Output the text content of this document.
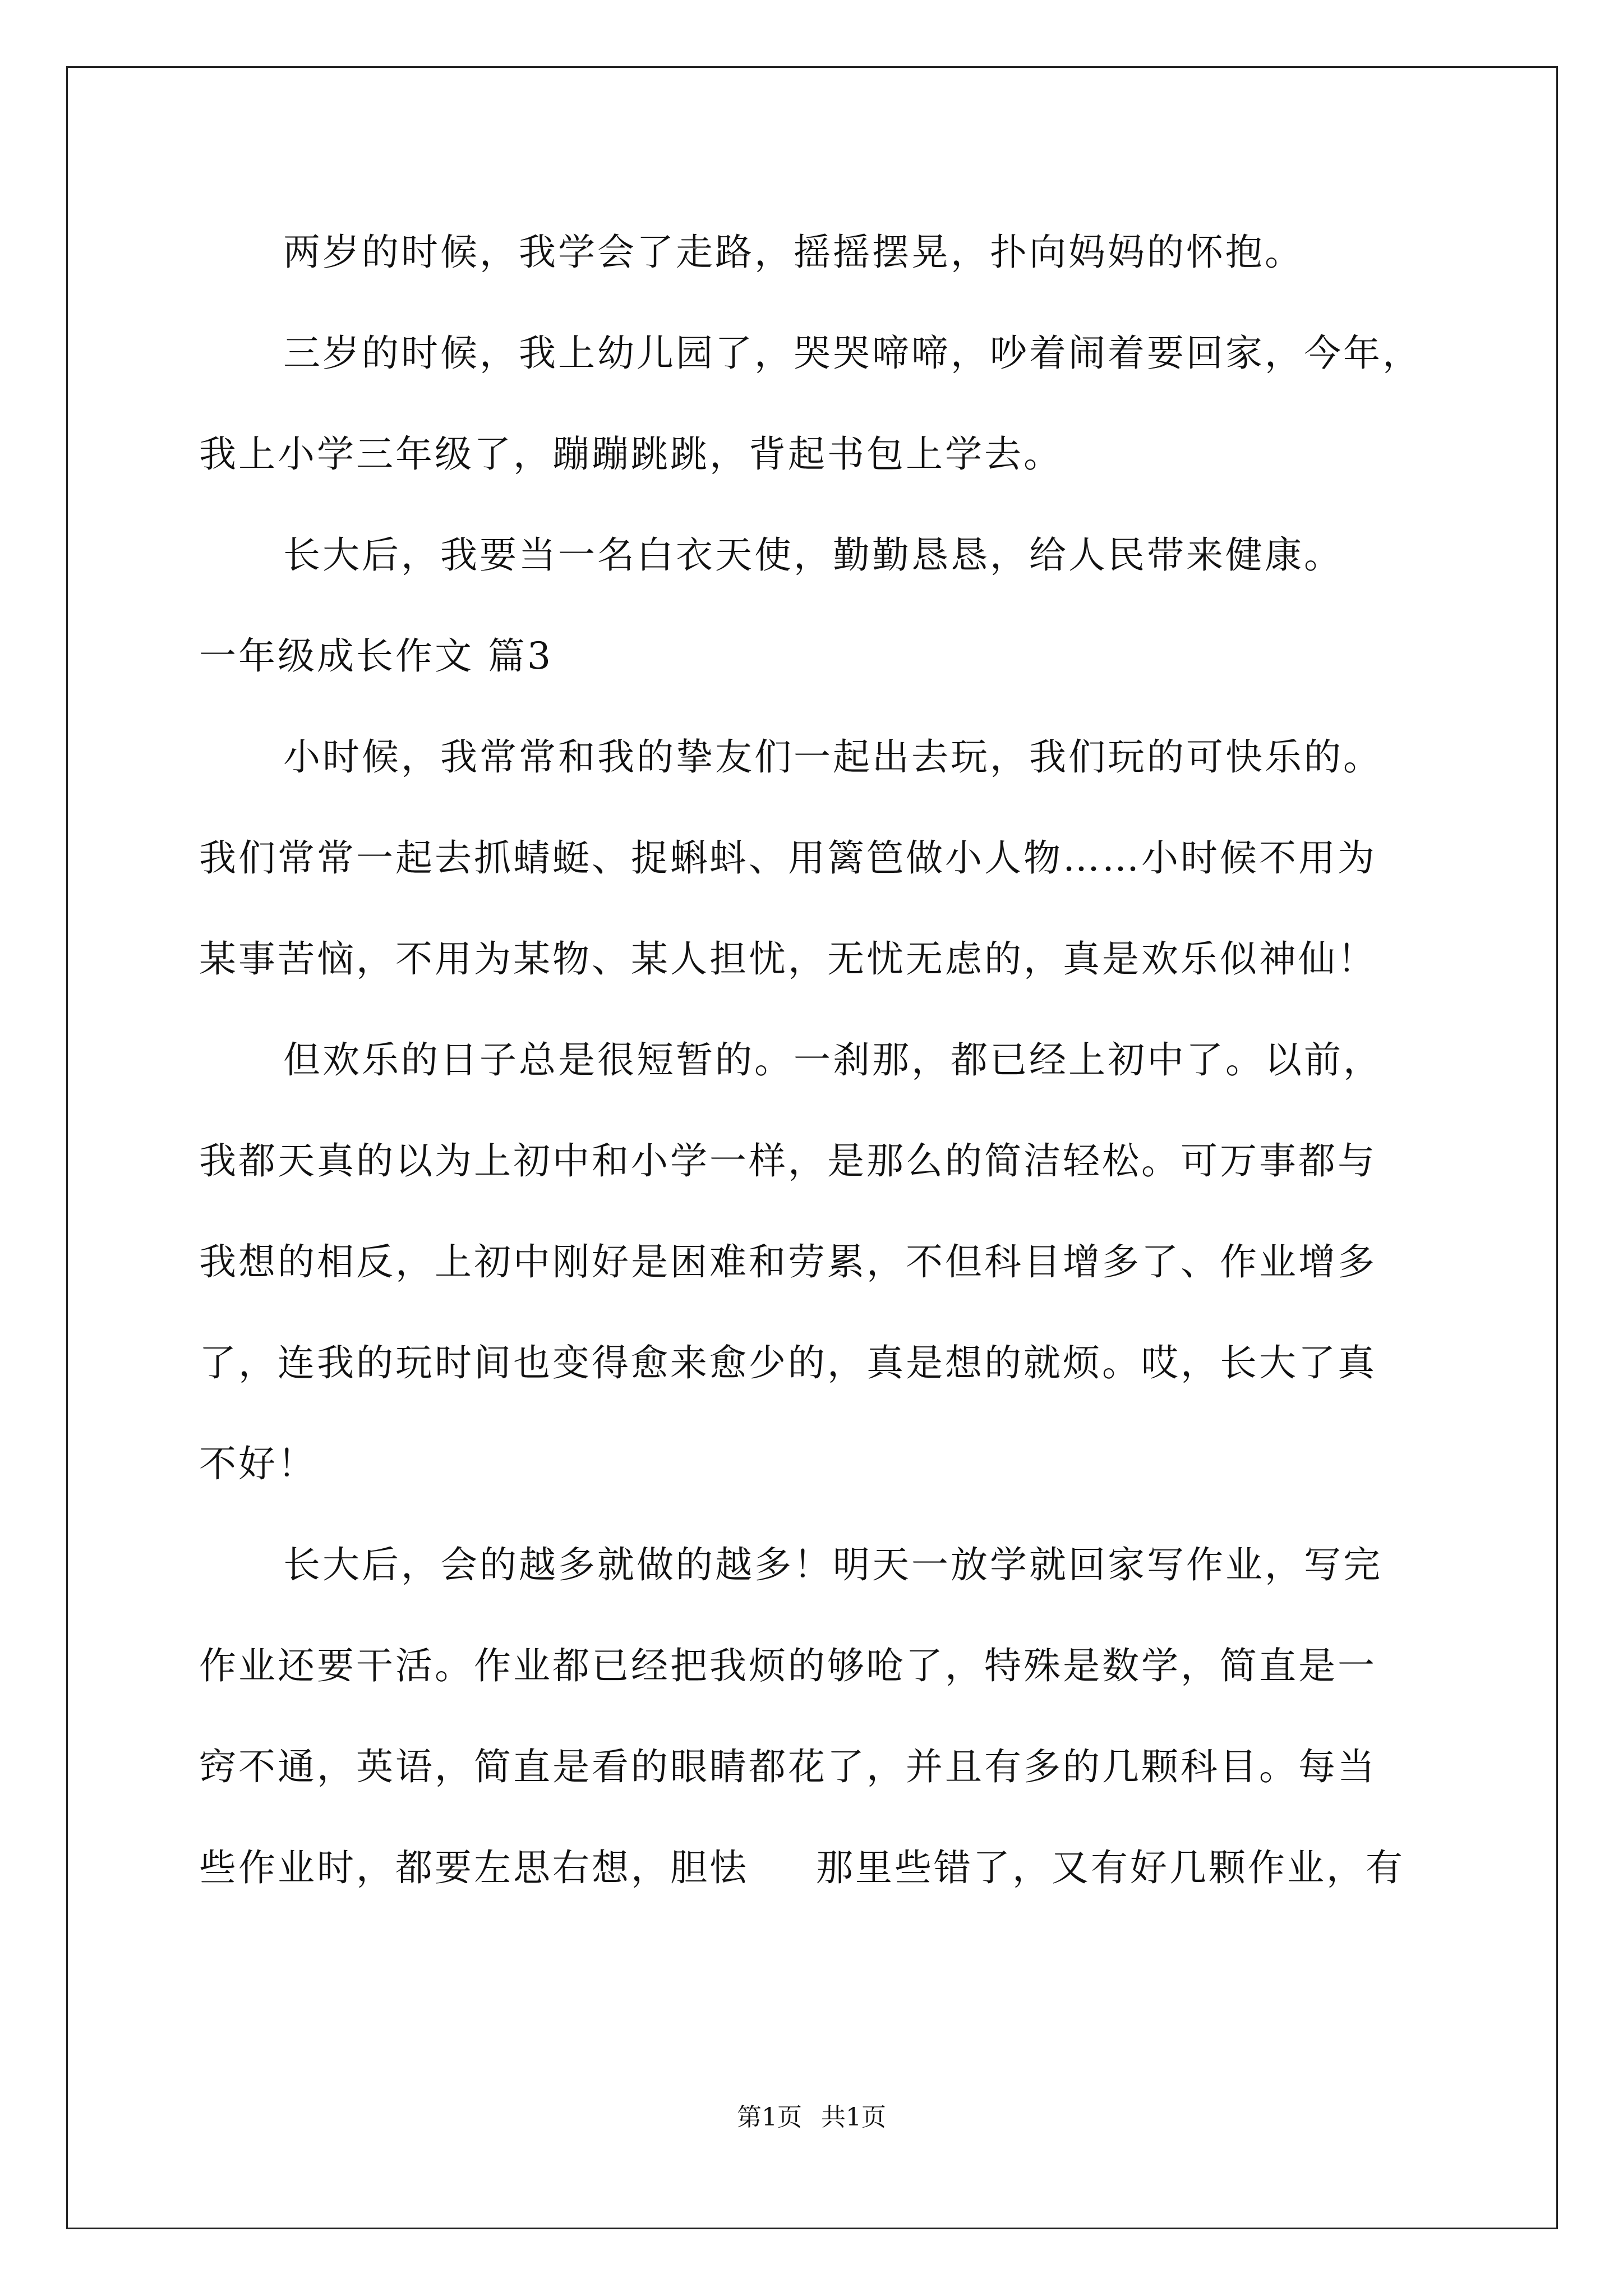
两岁的时候，我学会了走路，摇摇摆晃，扑向妈妈的怀抱。
三岁的时候，我上幼儿园了，哭哭啼啼，吵着闹着要回家，今年，
我上小学三年级了，蹦蹦跳跳，背起书包上学去。
长大后，我要当一名白衣天使，勤勤恳恳，给人民带来健康。
一年级成长作文 篇3
小时候，我常常和我的挚友们一起出去玩，我们玩的可快乐的。
我们常常一起去抓蜻蜓、捉蝌蚪、用篱笆做小人物……小时候不用为
某事苦恼，不用为某物、某人担忧，无忧无虑的，真是欢乐似神仙！
但欢乐的日子总是很短暂的。一刹那，都已经上初中了。以前，
我都天真的以为上初中和小学一样，是那么的简洁轻松。可万事都与
我想的相反，上初中刚好是困难和劳累，不但科目增多了、作业增多
了，连我的玩时间也变得愈来愈少的，真是想的就烦。哎，长大了真
不好！
长大后，会的越多就做的越多！明天一放学就回家写作业，写完
作业还要干活。作业都已经把我烦的够呛了，特殊是数学，简直是一
窍不通，英语，简直是看的眼睛都花了，并且有多的几颗科目。每当
些作业时，都要左思右想，胆怯 那里些错了，又有好几颗作业，有
第1页 共1页
